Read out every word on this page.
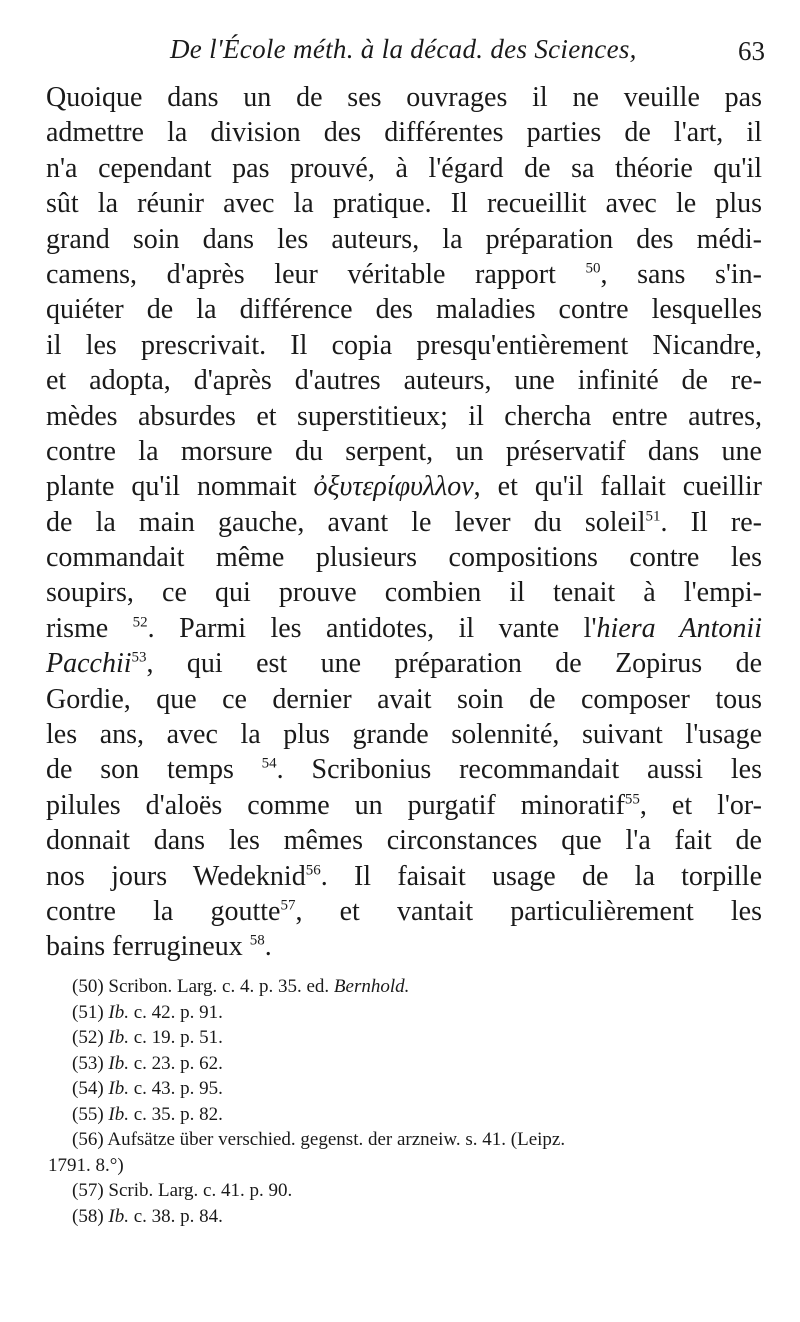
De l'École méth. à la décad. des Sciences,	63
Quoique dans un de ses ouvrages il ne veuille pas
admettre la division des différentes parties de l'art, il
n'a cependant pas prouvé, à l'égard de sa théorie qu'il
sût la réunir avec la pratique. Il recueillit avec le plus
grand soin dans les auteurs, la préparation des médi-
camens, d'après leur véritable rapport $^{50}$, sans s'in-
quiéter de la différence des maladies contre lesquelles
il les prescrivait. Il copia presqu'entièrement Nicandre,
et adopta, d'après d'autres auteurs, une infinité de re-
mèdes absurdes et superstitieux; il chercha entre autres,
contre la morsure du serpent, un préservatif dans une
plante qu'il nommait ὀξυτερίφυλλον, et qu'il fallait cueillir
de la main gauche, avant le lever du soleil$^{51}$. Il re-
commandait même plusieurs compositions contre les
soupirs, ce qui prouve combien il tenait à l'empi-
risme $^{52}$. Parmi les antidotes, il vante l'hiera Antonii
Pacchii$^{53}$, qui est une préparation de Zopirus de
Gordie, que ce dernier avait soin de composer tous
les ans, avec la plus grande solennité, suivant l'usage
de son temps $^{54}$. Scribonius recommandait aussi les
pilules d'aloës comme un purgatif minoratif$^{55}$, et l'or-
donnait dans les mêmes circonstances que l'a fait de
nos jours Wedeknid$^{56}$. Il faisait usage de la torpille
contre la goutte$^{57}$, et vantait particulièrement les
bains ferrugineux $^{58}$.
(50) Scribon. Larg. c. 4. p. 35. ed. Bernhold.
(51) Ib. c. 42. p. 91.
(52) Ib. c. 19. p. 51.
(53) Ib. c. 23. p. 62.
(54) Ib. c. 43. p. 95.
(55) Ib. c. 35. p. 82.
(56) Aufsätze über verschied. gegenst. der arzneiw. s. 41. (Leipz.
1791. 8.°)
(57) Scrib. Larg. c. 41. p. 90.
(58) Ib. c. 38. p. 84.
